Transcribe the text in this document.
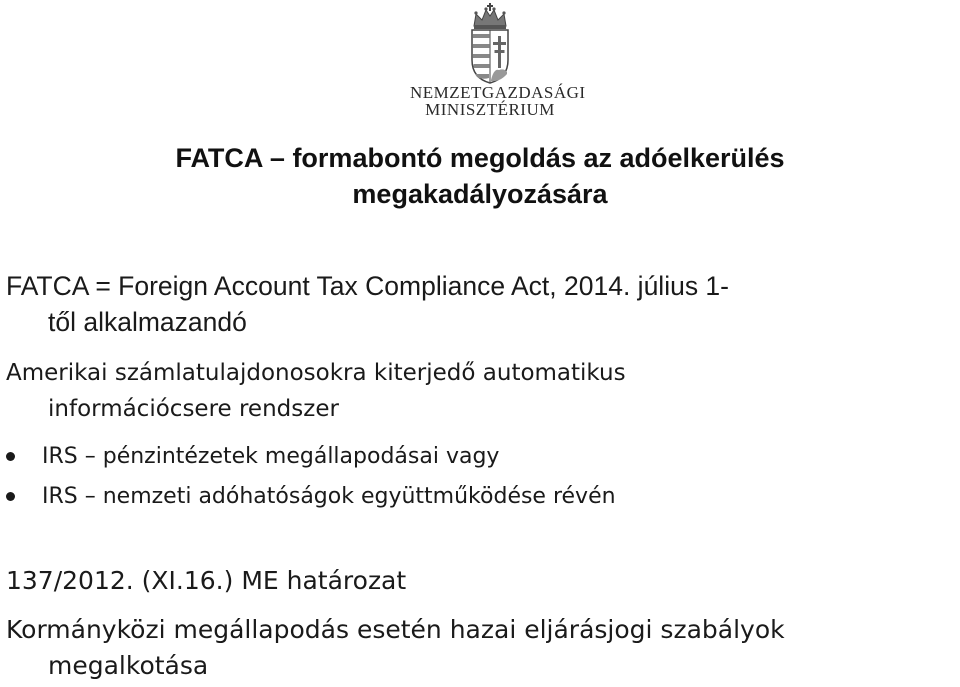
NEMZETGAZDASÁGI
MINISZTÉRIUM
FATCA – formabontó megoldás az adóelkerülés
megakadályozására
FATCA = Foreign Account Tax Compliance Act, 2014. július 1-
től alkalmazandó
Amerikai számlatulajdonosokra kiterjedő automatikus
információcsere rendszer
IRS – pénzintézetek megállapodásai vagy
IRS – nemzeti adóhatóságok együttműködése révén
137/2012. (XI.16.) ME határozat
Kormányközi megállapodás esetén hazai eljárásjogi szabályok
megalkotása
